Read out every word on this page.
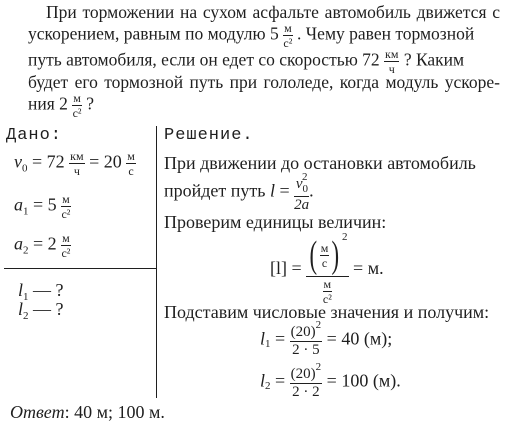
При торможении на сухом асфальте автомобиль движется с
ускорением, равным по модулю $5 \frac{м}{\text{с²}}$ . Чему равен тормозной
путь автомобиля, если он едет со скоростью $72 \frac{км}{ч}$ ? Каким
будет его тормозной путь при гололеде, когда модуль ускоре-
ния $2 \frac{м}{\text{с²}}$ ?
Дано:
$v_0 = 72 \frac{км}{ч} = 20 \frac{м}{с}$
$a_1 = 5 \frac{м}{\text{с²}}$
$a_2 = 2 \frac{м}{\text{с²}}$
$l_1$ — ?
$l_2$ — ?
Решение.
При движении до остановки автомобиль
пройдет путь $l = \frac{v_0^2}{2a}$ .
Проверим единицы величин:
$[l] = \frac{( \frac{м}{с} ) ^2}{\frac{м}{\text{с²}}} = м$.
Подставим числовые значения и получим:
$l_1 = \frac{(20)^2}{2 \cdot 5} = 40$ (м);
$l_2 = \frac{(20)^2}{2 \cdot 2} = 100$ (м).
Ответ: 40 м; 100 м.
